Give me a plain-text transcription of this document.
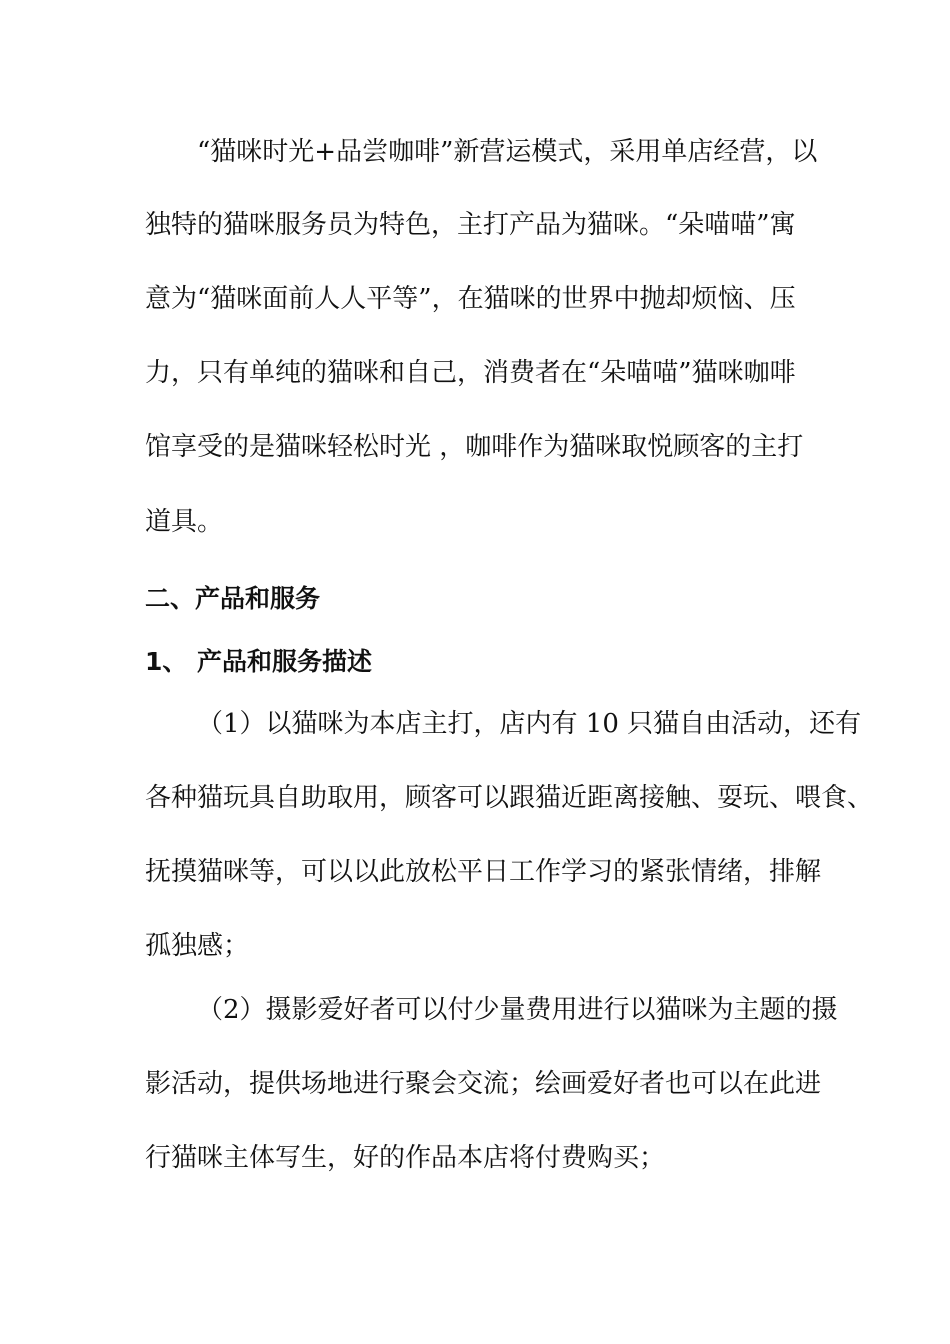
“猫咪时光+品尝咖啡”新营运模式，采用单店经营，以
独特的猫咪服务员为特色，主打产品为猫咪。“朵喵喵”寓
意为“猫咪面前人人平等”，在猫咪的世界中抛却烦恼、压
力，只有单纯的猫咪和自己，消费者在“朵喵喵”猫咪咖啡
馆享受的是猫咪轻松时光 ，咖啡作为猫咪取悦顾客的主打
道具。
二、产品和服务
1、 产品和服务描述
（1）以猫咪为本店主打，店内有 10 只猫自由活动，还有
各种猫玩具自助取用，顾客可以跟猫近距离接触、耍玩、喂食、
抚摸猫咪等，可以以此放松平日工作学习的紧张情绪，排解
孤独感；
（2）摄影爱好者可以付少量费用进行以猫咪为主题的摄
影活动，提供场地进行聚会交流；绘画爱好者也可以在此进
行猫咪主体写生，好的作品本店将付费购买；
